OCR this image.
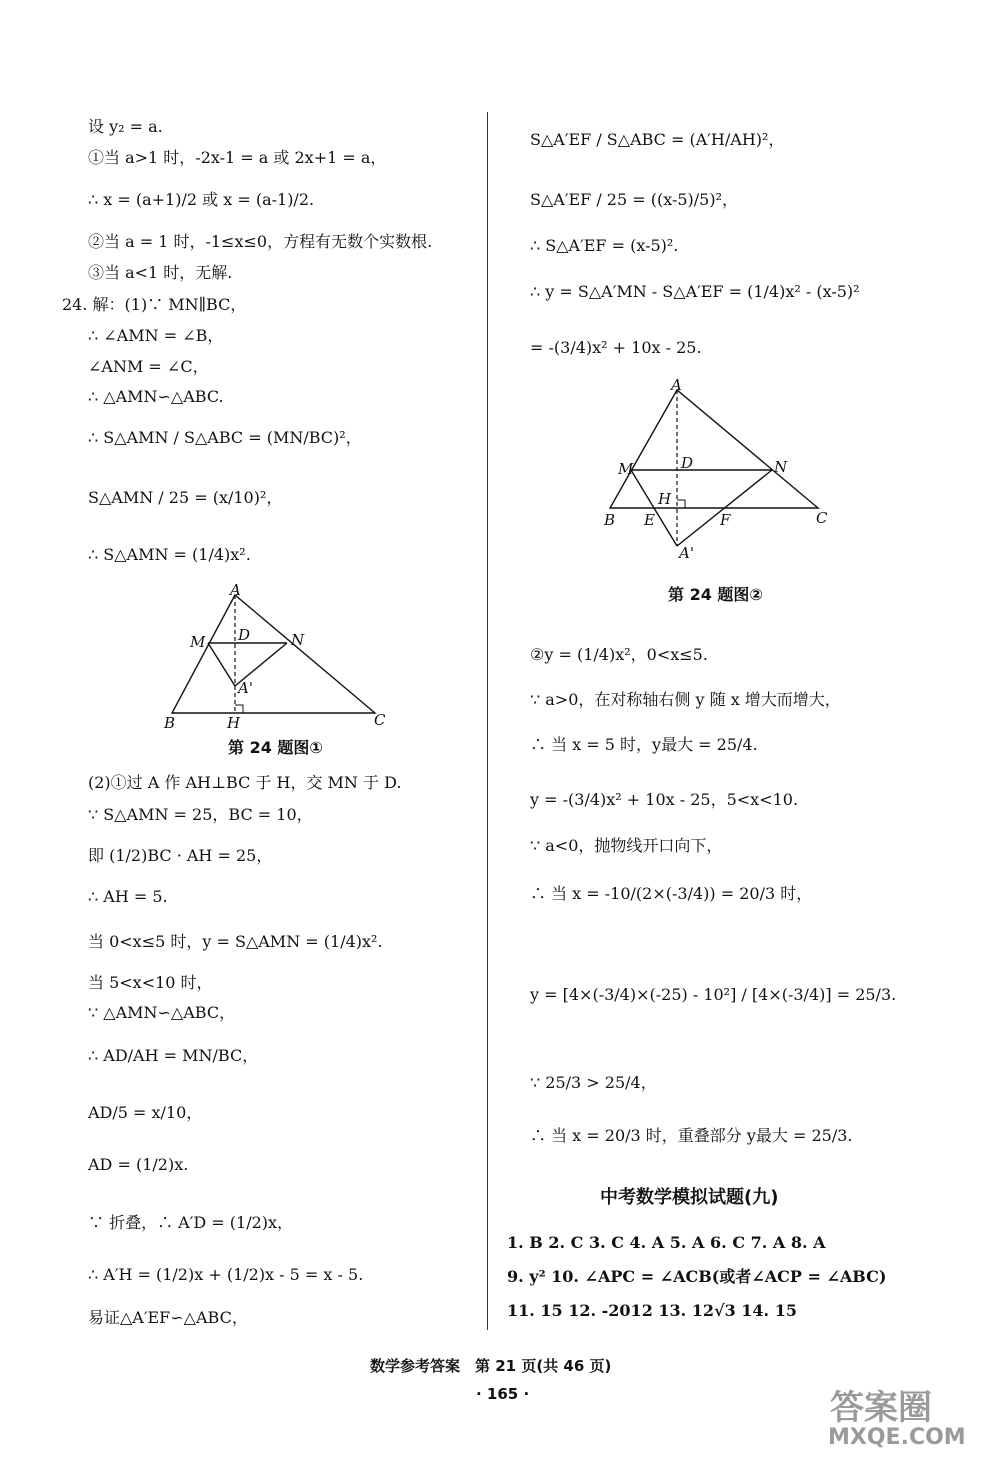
设 y₂ = a.
①当 a>1 时，-2x-1 = a 或 2x+1 = a，
∴ x = (a+1)/2 或 x = (a-1)/2.
②当 a = 1 时，-1≤x≤0，方程有无数个实数根.
③当 a<1 时，无解.
24. 解：(1)∵ MN∥BC，
∴ ∠AMN = ∠B，
∠ANM = ∠C，
∴ △AMN∽△ABC.
∴ S△AMN / S△ABC = (MN/BC)²，
S△AMN / 25 = (x/10)²，
∴ S△AMN = (1/4)x².
A
M	N
D
A'
B	H	C
第 24 题图①
(2)①过 A 作 AH⊥BC 于 H，交 MN 于 D.
∵ S△AMN = 25，BC = 10，
即 (1/2)BC · AH = 25，
∴ AH = 5.
当 0<x≤5 时，y = S△AMN = (1/4)x².
当 5<x<10 时，
∵ △AMN∽△ABC，
∴ AD/AH = MN/BC，
AD/5 = x/10，
AD = (1/2)x.
∵ 折叠，∴ A′D = (1/2)x，
∴ A′H = (1/2)x + (1/2)x - 5 = x - 5.
易证△A′EF∽△ABC，
S△A′EF / S△ABC = (A′H/AH)²，
S△A′EF / 25 = ((x-5)/5)²，
∴ S△A′EF = (x-5)².
∴ y = S△A′MN - S△A′EF = (1/4)x² - (x-5)²
= -(3/4)x² + 10x - 25.
A
M	D	N
H
B E	F	C
A'
第 24 题图②
②y = (1/4)x²，0<x≤5.
∵ a>0，在对称轴右侧 y 随 x 增大而增大，
∴ 当 x = 5 时，y最大 = 25/4.
y = -(3/4)x² + 10x - 25，5<x<10.
∵ a<0，抛物线开口向下，
∴ 当 x = -10/(2×(-3/4)) = 20/3 时，
y = [4×(-3/4)×(-25) - 10²] / [4×(-3/4)] = 25/3.
∵ 25/3 > 25/4，
∴ 当 x = 20/3 时，重叠部分 y最大 = 25/3.
中考数学模拟试题(九)
1. B 2. C 3. C 4. A 5. A 6. C 7. A 8. A
9. y² 10. ∠APC = ∠ACB(或者∠ACP = ∠ABC)
11. 15 12. -2012 13. 12√3 14. 15
数学参考答案　第 21 页(共 46 页)
· 165 ·	答案圈
MXQE.COM
